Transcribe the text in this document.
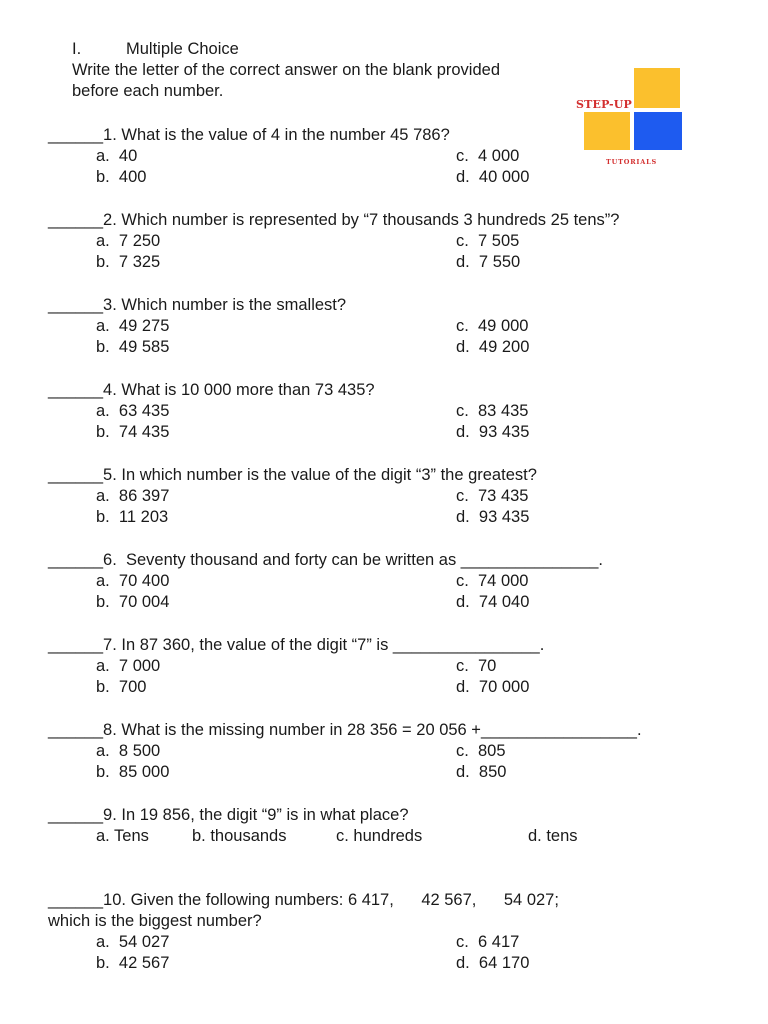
I.	Multiple Choice
Write the letter of the correct answer on the blank provided before each number.
STEP-UP
TUTORIALS
______1. What is the value of 4 in the number 45 786?
a.  40	c.  4 000
b.  400	d.  40 000
______2. Which number is represented by “7 thousands 3 hundreds 25 tens”?
a.  7 250	c.  7 505
b.  7 325	d.  7 550
______3. Which number is the smallest?
a.  49 275	c.  49 000
b.  49 585	d.  49 200
______4. What is 10 000 more than 73 435?
a.  63 435	c.  83 435
b.  74 435	d.  93 435
______5. In which number is the value of the digit “3” the greatest?
a.  86 397	c.  73 435
b.  11 203	d.  93 435
______6.  Seventy thousand and forty can be written as _______________.
a.  70 400	c.  74 000
b.  70 004	d.  74 040
______7. In 87 360, the value of the digit “7” is ________________.
a.  7 000	c.  70
b.  700	d.  70 000
______8. What is the missing number in 28 356 = 20 056 +_________________.
a.  8 500	c.  805
b.  85 000	d.  850
______9. In 19 856, the digit “9” is in what place?
a. Tens	b. thousands	c. hundreds	d. tens
______10. Given the following numbers: 6 417,      42 567,      54 027;
which is the biggest number?
a.  54 027	c.  6 417
b.  42 567	d.  64 170
